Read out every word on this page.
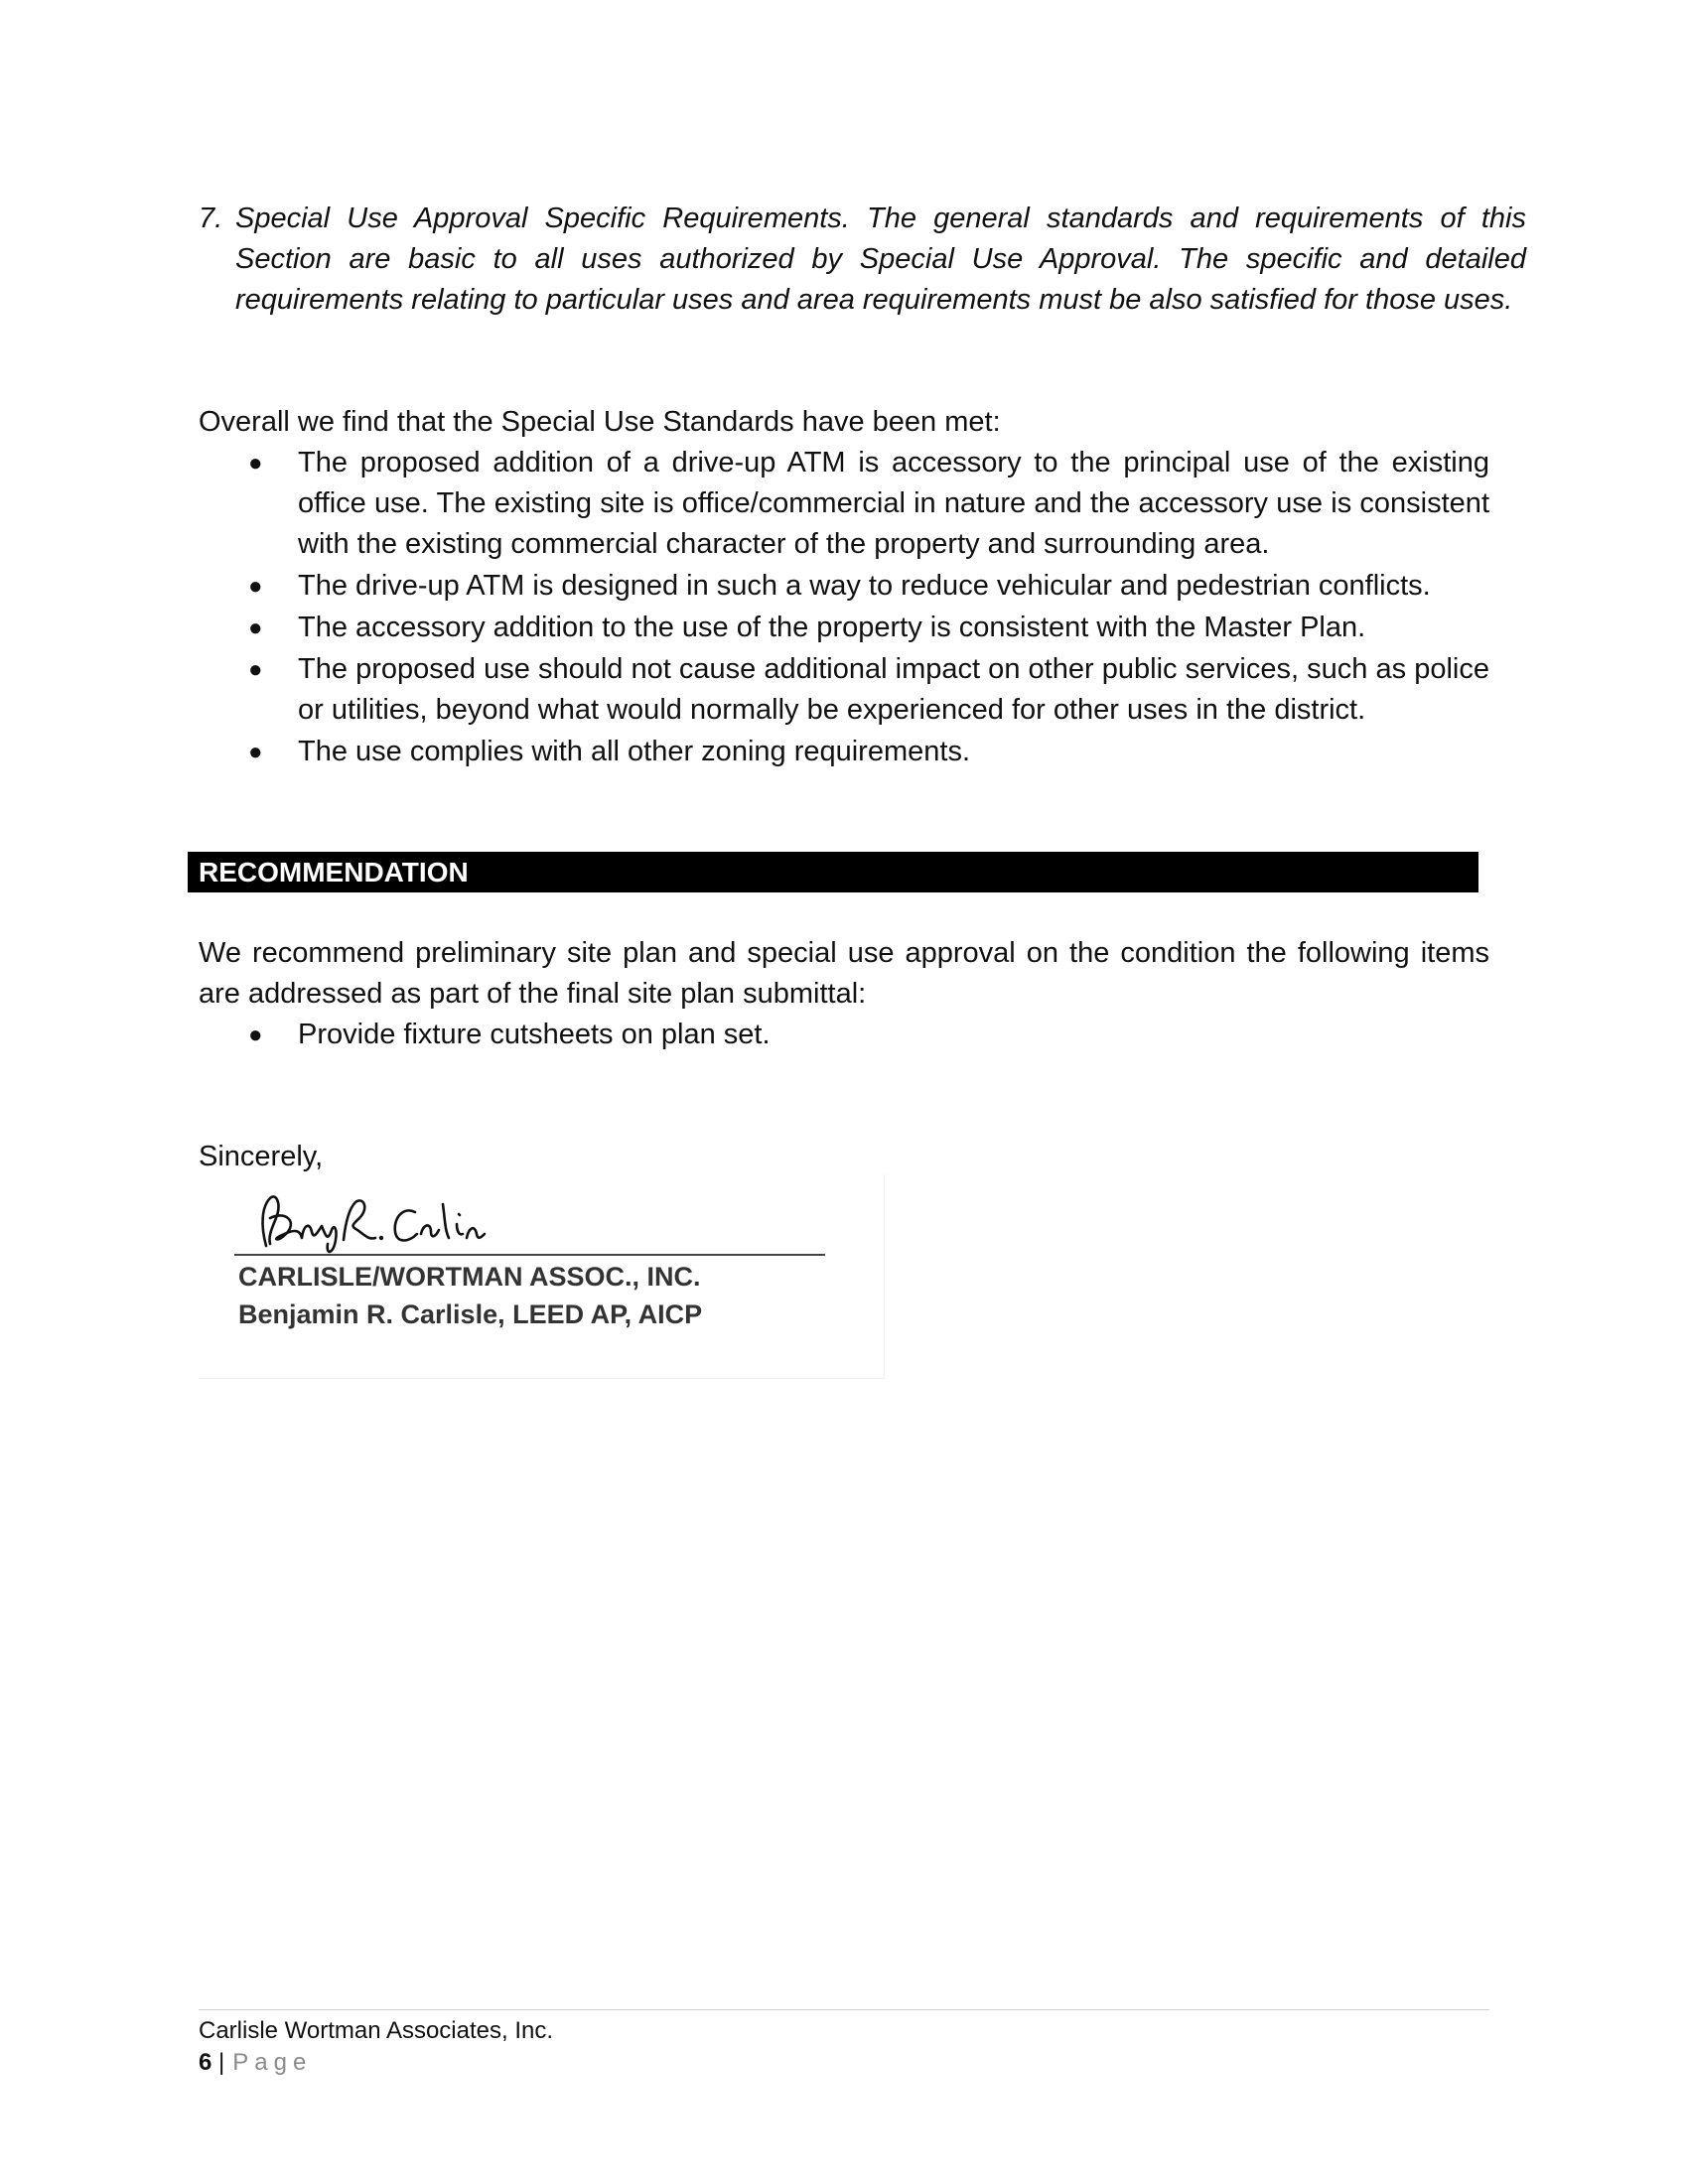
7. Special Use Approval Specific Requirements. The general standards and requirements of this Section are basic to all uses authorized by Special Use Approval. The specific and detailed requirements relating to particular uses and area requirements must be also satisfied for those uses.
Overall we find that the Special Use Standards have been met:
● The proposed addition of a drive-up ATM is accessory to the principal use of the existing office use. The existing site is office/commercial in nature and the accessory use is consistent with the existing commercial character of the property and surrounding area.
● The drive-up ATM is designed in such a way to reduce vehicular and pedestrian conflicts.
● The accessory addition to the use of the property is consistent with the Master Plan.
● The proposed use should not cause additional impact on other public services, such as police or utilities, beyond what would normally be experienced for other uses in the district.
● The use complies with all other zoning requirements.
RECOMMENDATION
We recommend preliminary site plan and special use approval on the condition the following items are addressed as part of the final site plan submittal:
● Provide fixture cutsheets on plan set.
Sincerely,
CARLISLE/WORTMAN ASSOC., INC.
Benjamin R. Carlisle, LEED AP, AICP
Carlisle Wortman Associates, Inc.
6 | Page
